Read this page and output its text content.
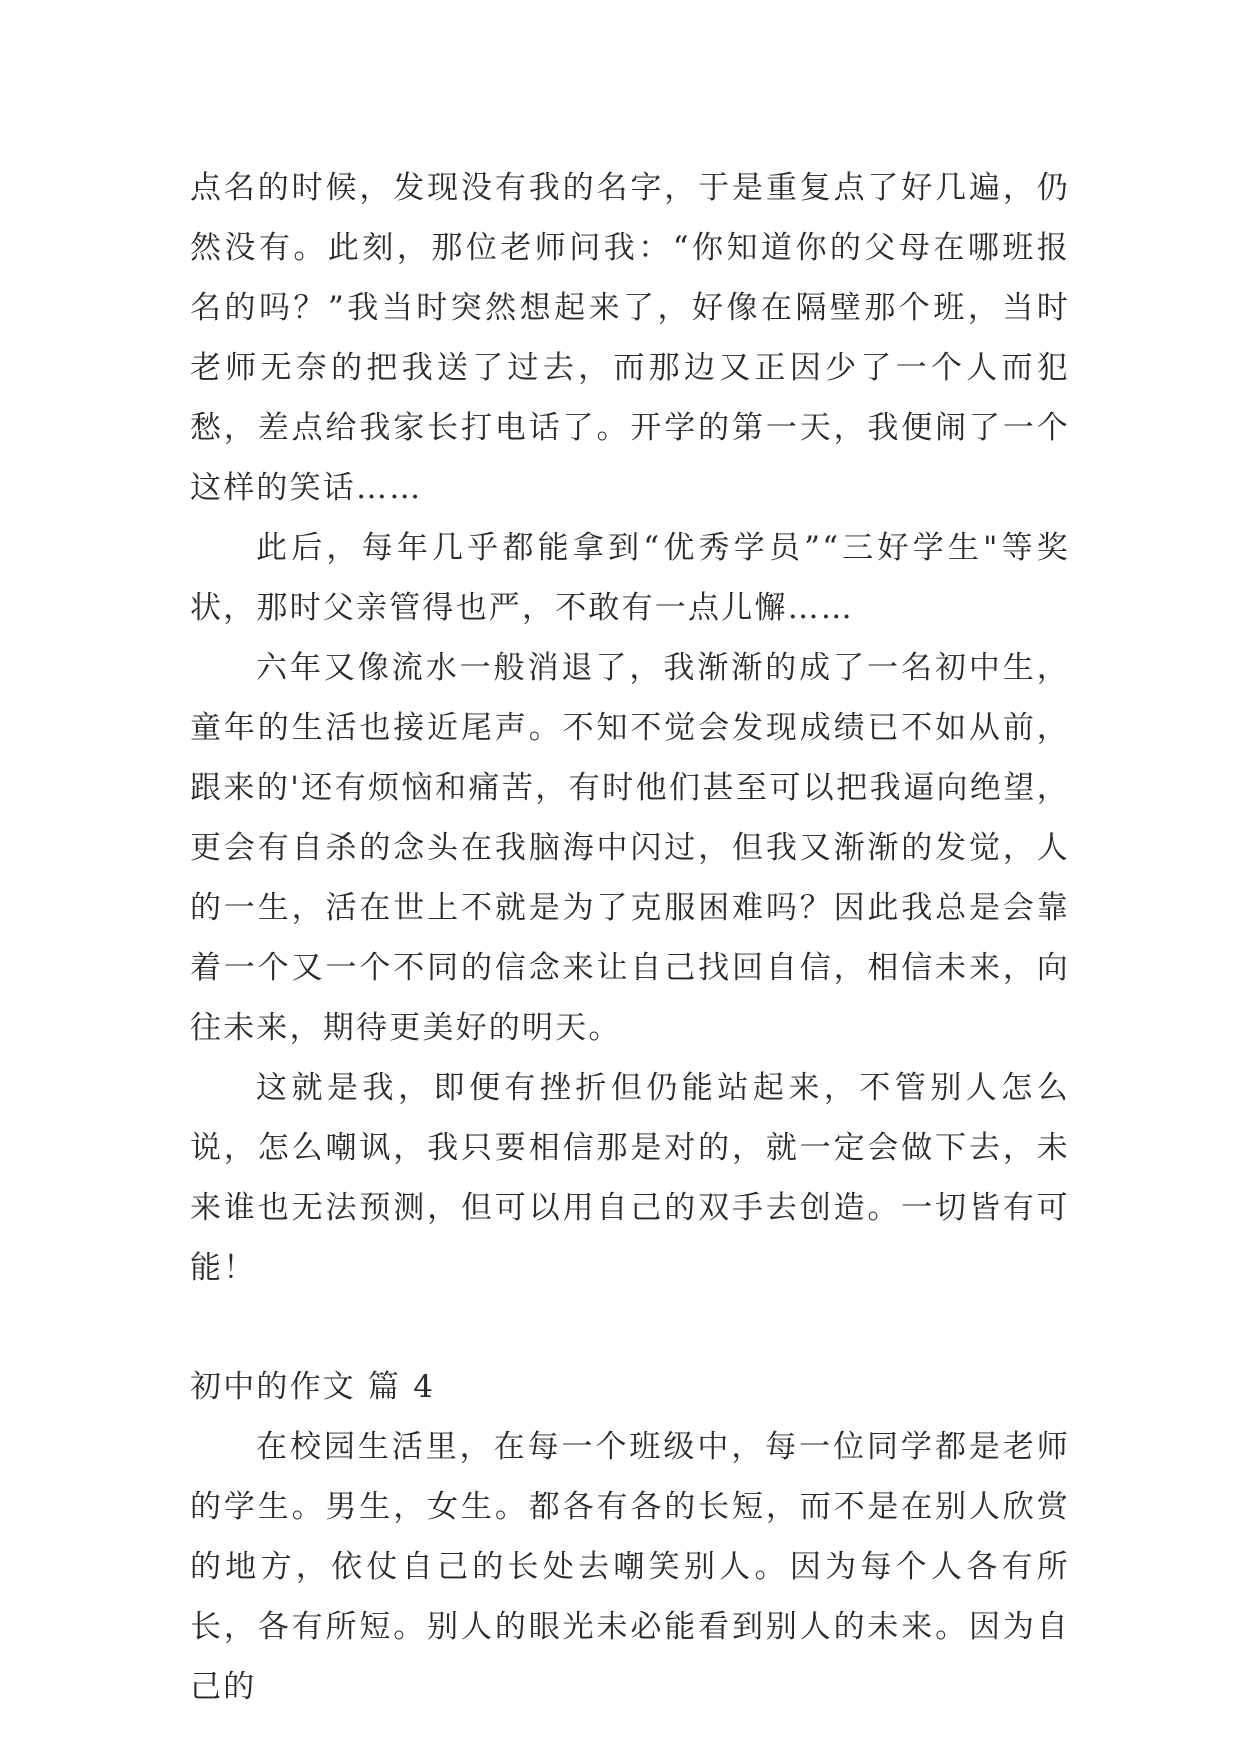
点名的时候，发现没有我的名字，于是重复点了好几遍，仍然没有。此刻，那位老师问我：“你知道你的父母在哪班报名的吗？”我当时突然想起来了，好像在隔壁那个班，当时老师无奈的把我送了过去，而那边又正因少了一个人而犯愁，差点给我家长打电话了。开学的第一天，我便闹了一个这样的笑话……

此后，每年几乎都能拿到“优秀学员”“三好学生"等奖状，那时父亲管得也严，不敢有一点儿懈……

六年又像流水一般消退了，我渐渐的成了一名初中生，童年的生活也接近尾声。不知不觉会发现成绩已不如从前，跟来的'还有烦恼和痛苦，有时他们甚至可以把我逼向绝望，更会有自杀的念头在我脑海中闪过，但我又渐渐的发觉，人的一生，活在世上不就是为了克服困难吗？因此我总是会靠着一个又一个不同的信念来让自己找回自信，相信未来，向往未来，期待更美好的明天。

这就是我，即便有挫折但仍能站起来，不管别人怎么说，怎么嘲讽，我只要相信那是对的，就一定会做下去，未来谁也无法预测，但可以用自己的双手去创造。一切皆有可能！

初中的作文 篇 4

在校园生活里，在每一个班级中，每一位同学都是老师的学生。男生，女生。都各有各的长短，而不是在别人欣赏的地方，依仗自己的长处去嘲笑别人。因为每个人各有所长，各有所短。别人的眼光未必能看到别人的未来。因为自己的
